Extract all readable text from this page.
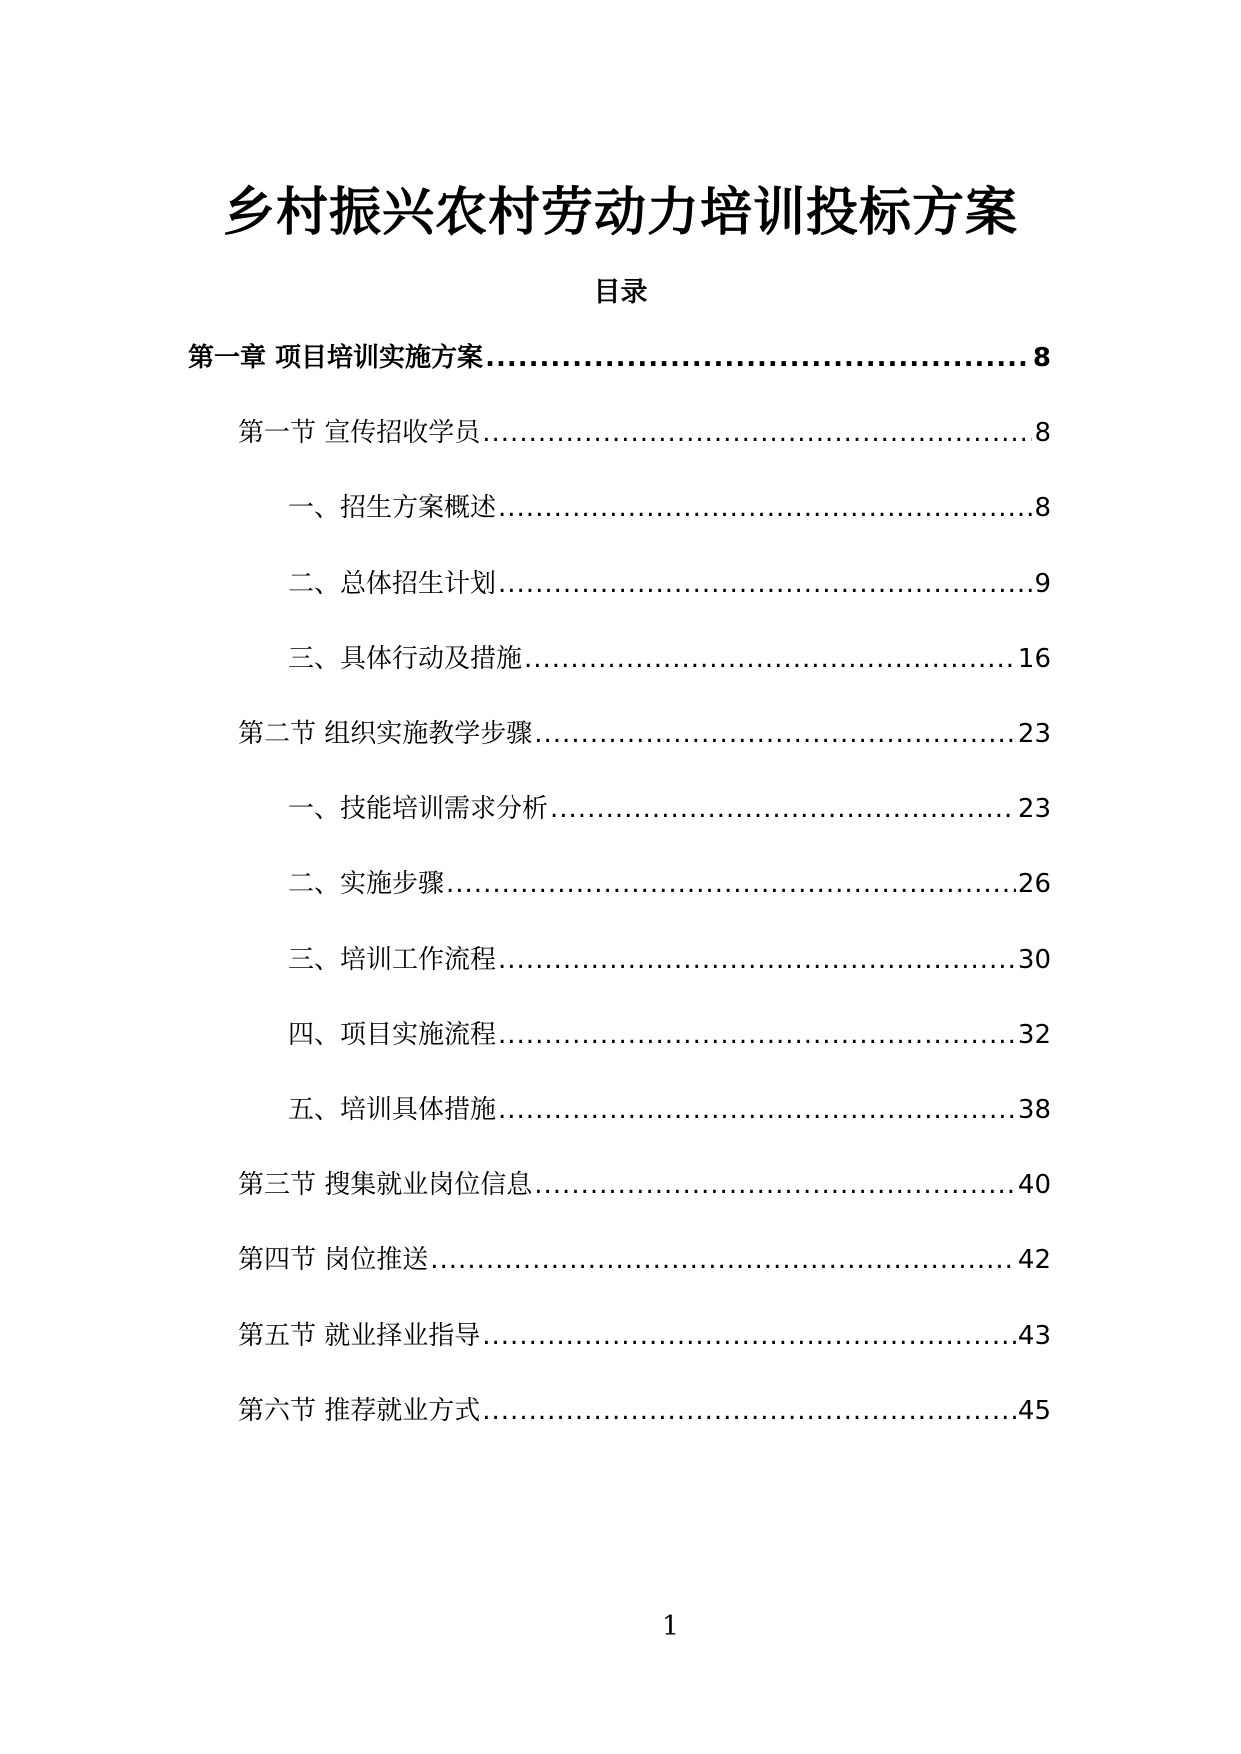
乡村振兴农村劳动力培训投标方案
目录
第一章 项目培训实施方案 .....	8
第一节 宣传招收学员 .....	8
一、招生方案概述 .....	8
二、总体招生计划 .....	9
三、具体行动及措施 .....	16
第二节 组织实施教学步骤 .....	23
一、技能培训需求分析 .....	23
二、实施步骤 .....	26
三、培训工作流程 .....	30
四、项目实施流程 .....	32
五、培训具体措施 .....	38
第三节 搜集就业岗位信息 .....	40
第四节 岗位推送 .....	42
第五节 就业择业指导 .....	43
第六节 推荐就业方式 .....	45
1
